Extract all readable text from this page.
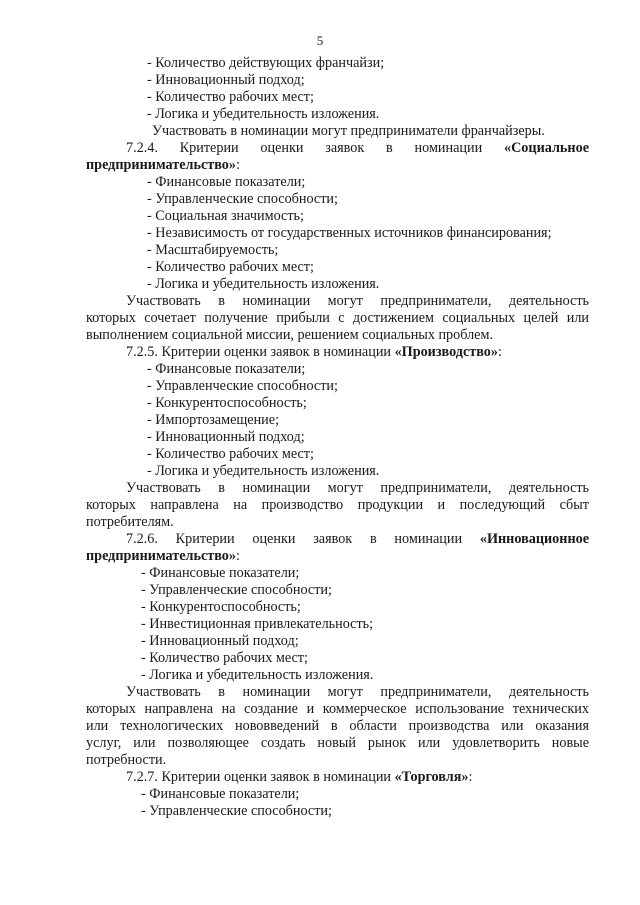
5
- Количество действующих франчайзи;
- Инновационный подход;
- Количество рабочих мест;
- Логика и убедительность изложения.
Участвовать в номинации могут предприниматели франчайзеры.
7.2.4. Критерии оценки заявок в номинации «Социальное
предпринимательство»:
- Финансовые показатели;
- Управленческие способности;
- Социальная значимость;
- Независимость от государственных источников финансирования;
- Масштабируемость;
- Количество рабочих мест;
- Логика и убедительность изложения.
Участвовать в номинации могут предприниматели, деятельность
которых сочетает получение прибыли с достижением социальных целей или
выполнением социальной миссии, решением социальных проблем.
7.2.5. Критерии оценки заявок в номинации «Производство»:
- Финансовые показатели;
- Управленческие способности;
- Конкурентоспособность;
- Импортозамещение;
- Инновационный подход;
- Количество рабочих мест;
- Логика и убедительность изложения.
Участвовать в номинации могут предприниматели, деятельность
которых направлена на производство продукции и последующий сбыт
потребителям.
7.2.6. Критерии оценки заявок в номинации «Инновационное
предпринимательство»:
- Финансовые показатели;
- Управленческие способности;
- Конкурентоспособность;
- Инвестиционная привлекательность;
- Инновационный подход;
- Количество рабочих мест;
- Логика и убедительность изложения.
Участвовать в номинации могут предприниматели, деятельность
которых направлена на создание и коммерческое использование технических
или технологических нововведений в области производства или оказания
услуг, или позволяющее создать новый рынок или удовлетворить новые
потребности.
7.2.7. Критерии оценки заявок в номинации «Торговля»:
- Финансовые показатели;
- Управленческие способности;
